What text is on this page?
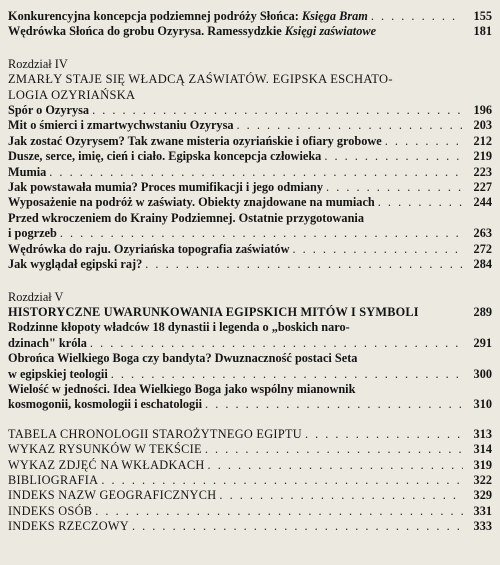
Konkurencyjna koncepcja podziemnej podróży Słońca: Księga Bram . . .	155
Wędrówka Słońca do grobu Ozyrysa. Ramessydzkie Księgi zaświatowe	181
Rozdział IV
ZMARŁY STAJE SIĘ WŁADCĄ ZAŚWIATÓW. EGIPSKA ESCHATO-
LOGIA OZYRIAŃSKA
Spór o Ozyrysa . . .	196
Mit o śmierci i zmartwychwstaniu Ozyrysa . . .	203
Jak zostać Ozyrysem? Tak zwane misteria ozyriańskie i ofiary grobowe . . .	212
Dusze, serce, imię, cień i ciało. Egipska koncepcja człowieka . . .	219
Mumia . . .	223
Jak powstawała mumia? Proces mumifikacji i jego odmiany . . .	227
Wyposażenie na podróż w zaświaty. Obiekty znajdowane na mumiach . . .	244
Przed wkroczeniem do Krainy Podziemnej. Ostatnie przygotowania
i pogrzeb . . .	263
Wędrówka do raju. Ozyriańska topografia zaświatów . . .	272
Jak wyglądał egipski raj? . . .	284
Rozdział V
HISTORYCZNE UWARUNKOWANIA EGIPSKICH MITÓW I SYMBOLI	289
Rodzinne kłopoty władców 18 dynastii i legenda o „boskich naro-
dzinach" króla . . .	291
Obrońca Wielkiego Boga czy bandyta? Dwuznaczność postaci Seta
w egipskiej teologii . . .	300
Wielość w jedności. Idea Wielkiego Boga jako wspólny mianownik
kosmogonii, kosmologii i eschatologii . . .	310
TABELA CHRONOLOGII STAROŻYTNEGO EGIPTU . . .	313
WYKAZ RYSUNKÓW W TEKŚCIE . . .	314
WYKAZ ZDJĘĆ NA WKŁADKACH . . .	319
BIBLIOGRAFIA . . .	322
INDEKS NAZW GEOGRAFICZNYCH . . .	329
INDEKS OSÓB . . .	331
INDEKS RZECZOWY . . .	333
